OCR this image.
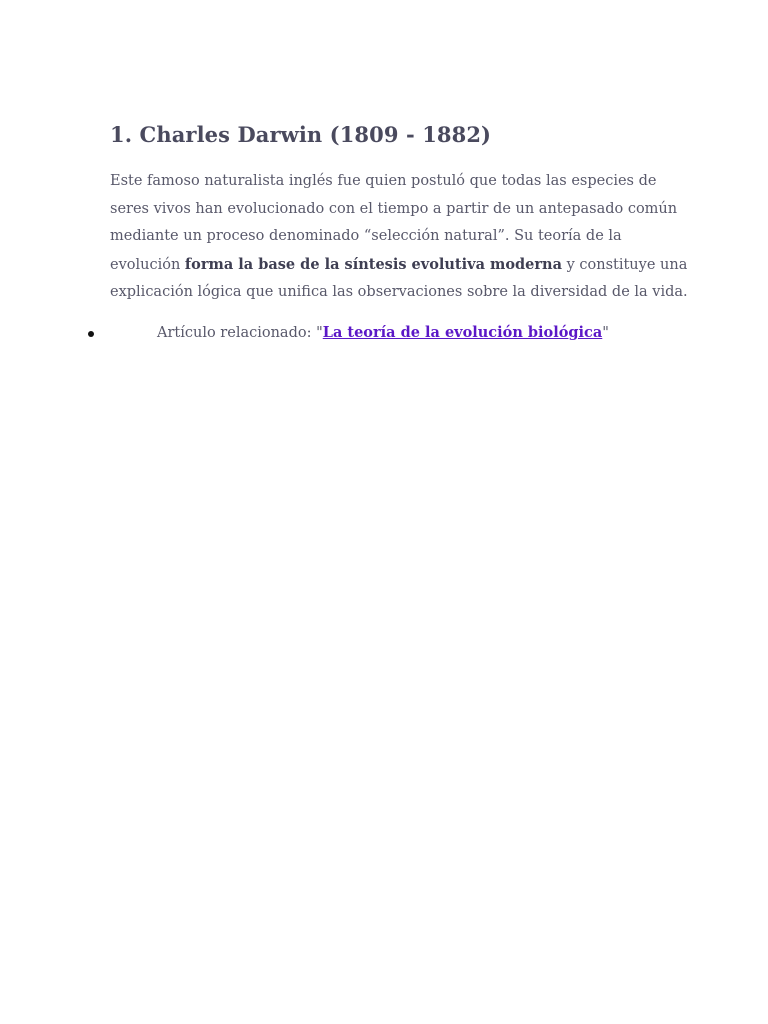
1. Charles Darwin (1809 - 1882)

Este famoso naturalista inglés fue quien postuló que todas las especies de
seres vivos han evolucionado con el tiempo a partir de un antepasado común
mediante un proceso denominado “selección natural”. Su teoría de la
evolución forma la base de la síntesis evolutiva moderna y constituye una
explicación lógica que unifica las observaciones sobre la diversidad de la vida.

Artículo relacionado: "La teoría de la evolución biológica"
